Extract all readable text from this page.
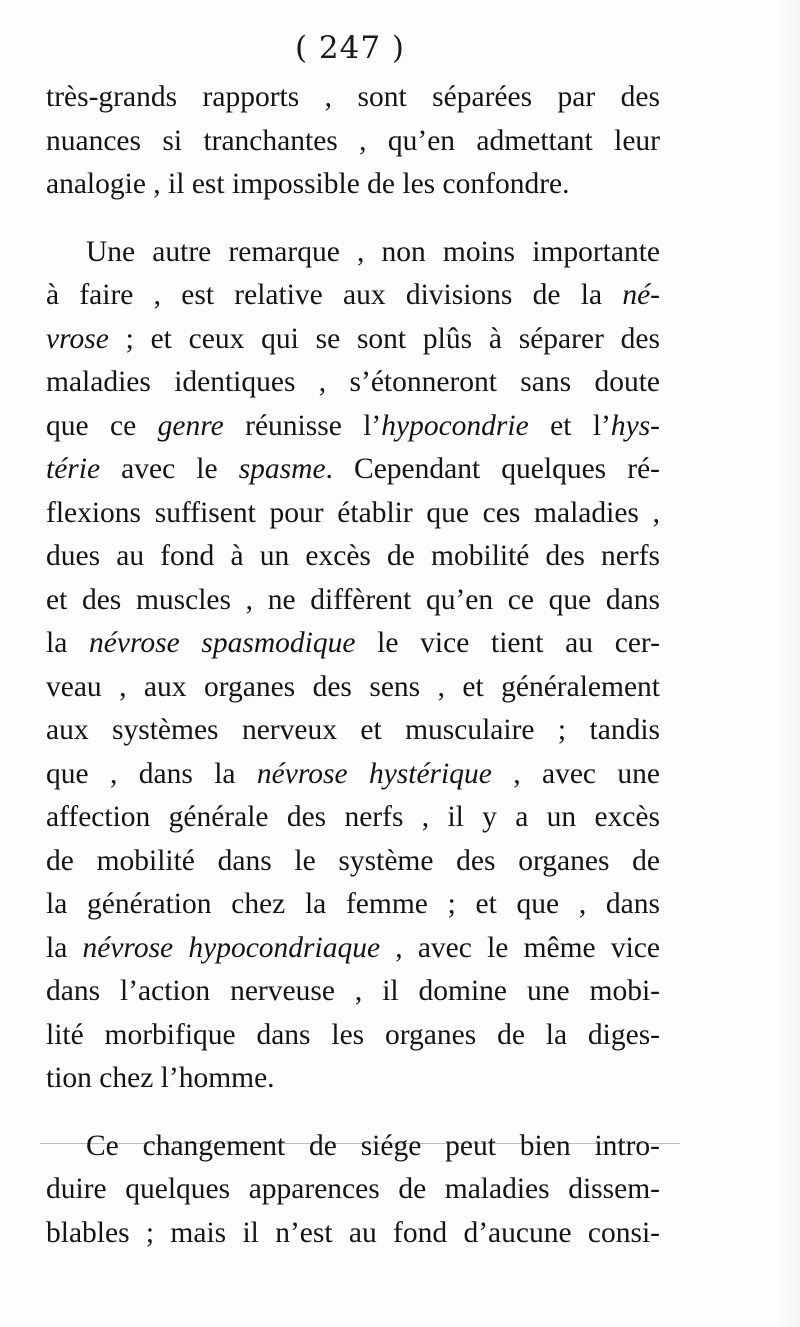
( 247 )
très-grands rapports , sont séparées par des
nuances si tranchantes , qu’en admettant leur
analogie , il est impossible de les confondre.
Une autre remarque , non moins importante
à faire , est relative aux divisions de la né-
vrose ; et ceux qui se sont plûs à séparer des
maladies identiques , s’étonneront sans doute
que ce genre réunisse l’hypocondrie et l’hys-
térie avec le spasme. Cependant quelques ré-
flexions suffisent pour établir que ces maladies ,
dues au fond à un excès de mobilité des nerfs
et des muscles , ne diffèrent qu’en ce que dans
la névrose spasmodique le vice tient au cer-
veau , aux organes des sens , et généralement
aux systèmes nerveux et musculaire ; tandis
que , dans la névrose hystérique , avec une
affection générale des nerfs , il y a un excès
de mobilité dans le système des organes de
la génération chez la femme ; et que , dans
la névrose hypocondriaque , avec le même vice
dans l’action nerveuse , il domine une mobi-
lité morbifique dans les organes de la diges-
tion chez l’homme.
Ce changement de siége peut bien intro-
duire quelques apparences de maladies dissem-
blables ; mais il n’est au fond d’aucune consi-
